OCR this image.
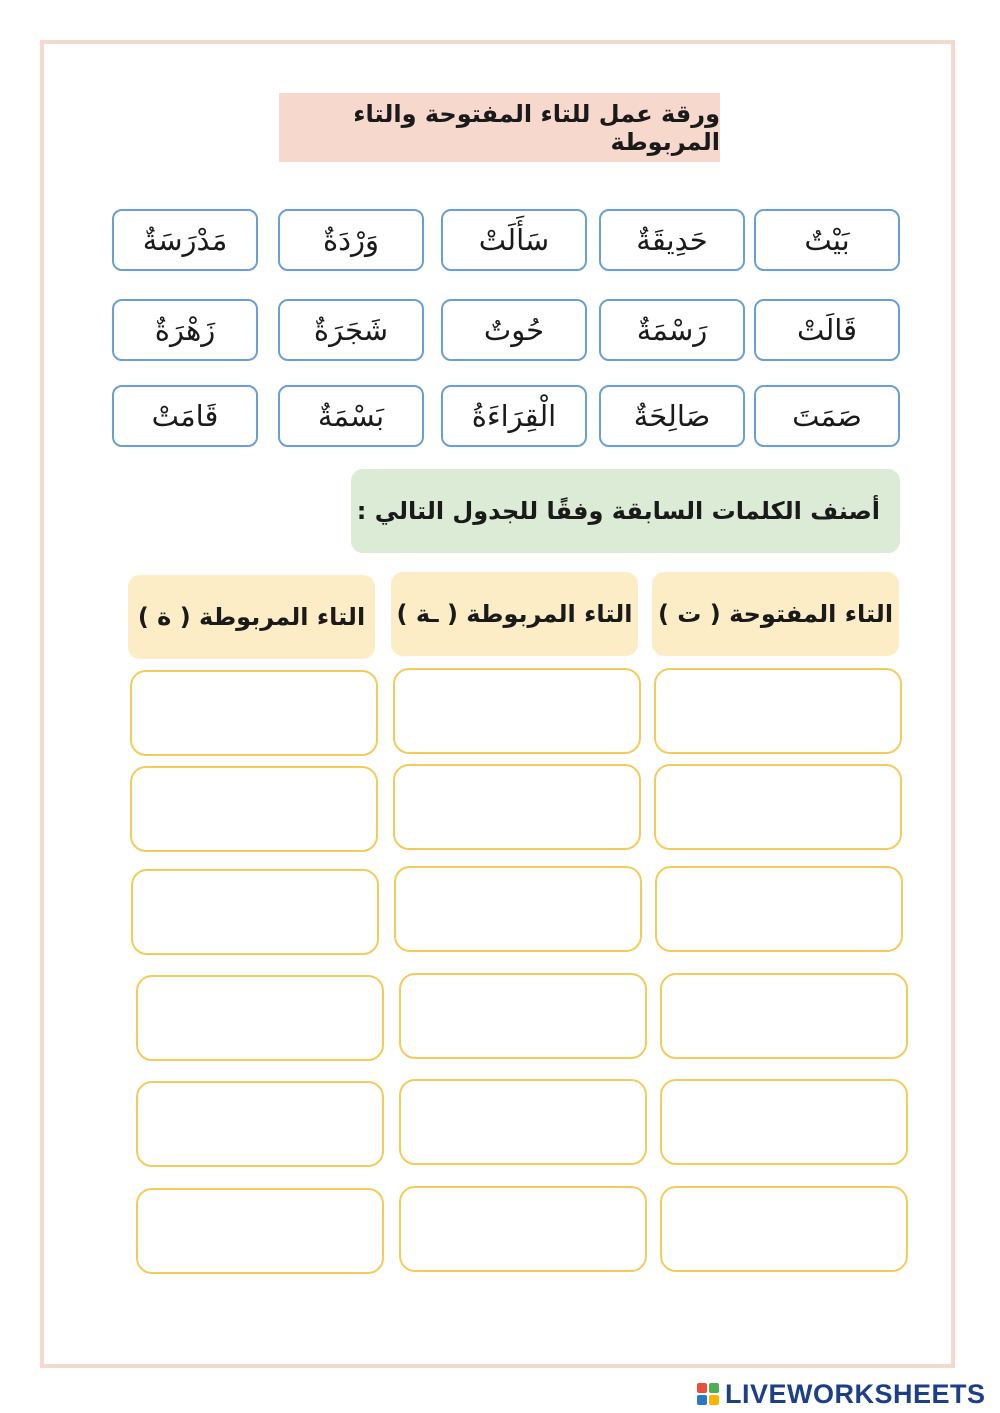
ورقة عمل للتاء المفتوحة والتاء المربوطة
بَيْتٌ
حَدِيقَةٌ
سَأَلَتْ
وَرْدَةٌ
مَدْرَسَةٌ
قَالَتْ
رَسْمَةٌ
حُوتٌ
شَجَرَةٌ
زَهْرَةٌ
صَمَتَ
صَالِحَةٌ
الْقِرَاءَةُ
بَسْمَةٌ
قَامَتْ
أصنف الكلمات السابقة وفقًا للجدول التالي :
التاء المفتوحة ( ت )
التاء المربوطة ( ـة )
التاء المربوطة ( ة )
LIVEWORKSHEETS
